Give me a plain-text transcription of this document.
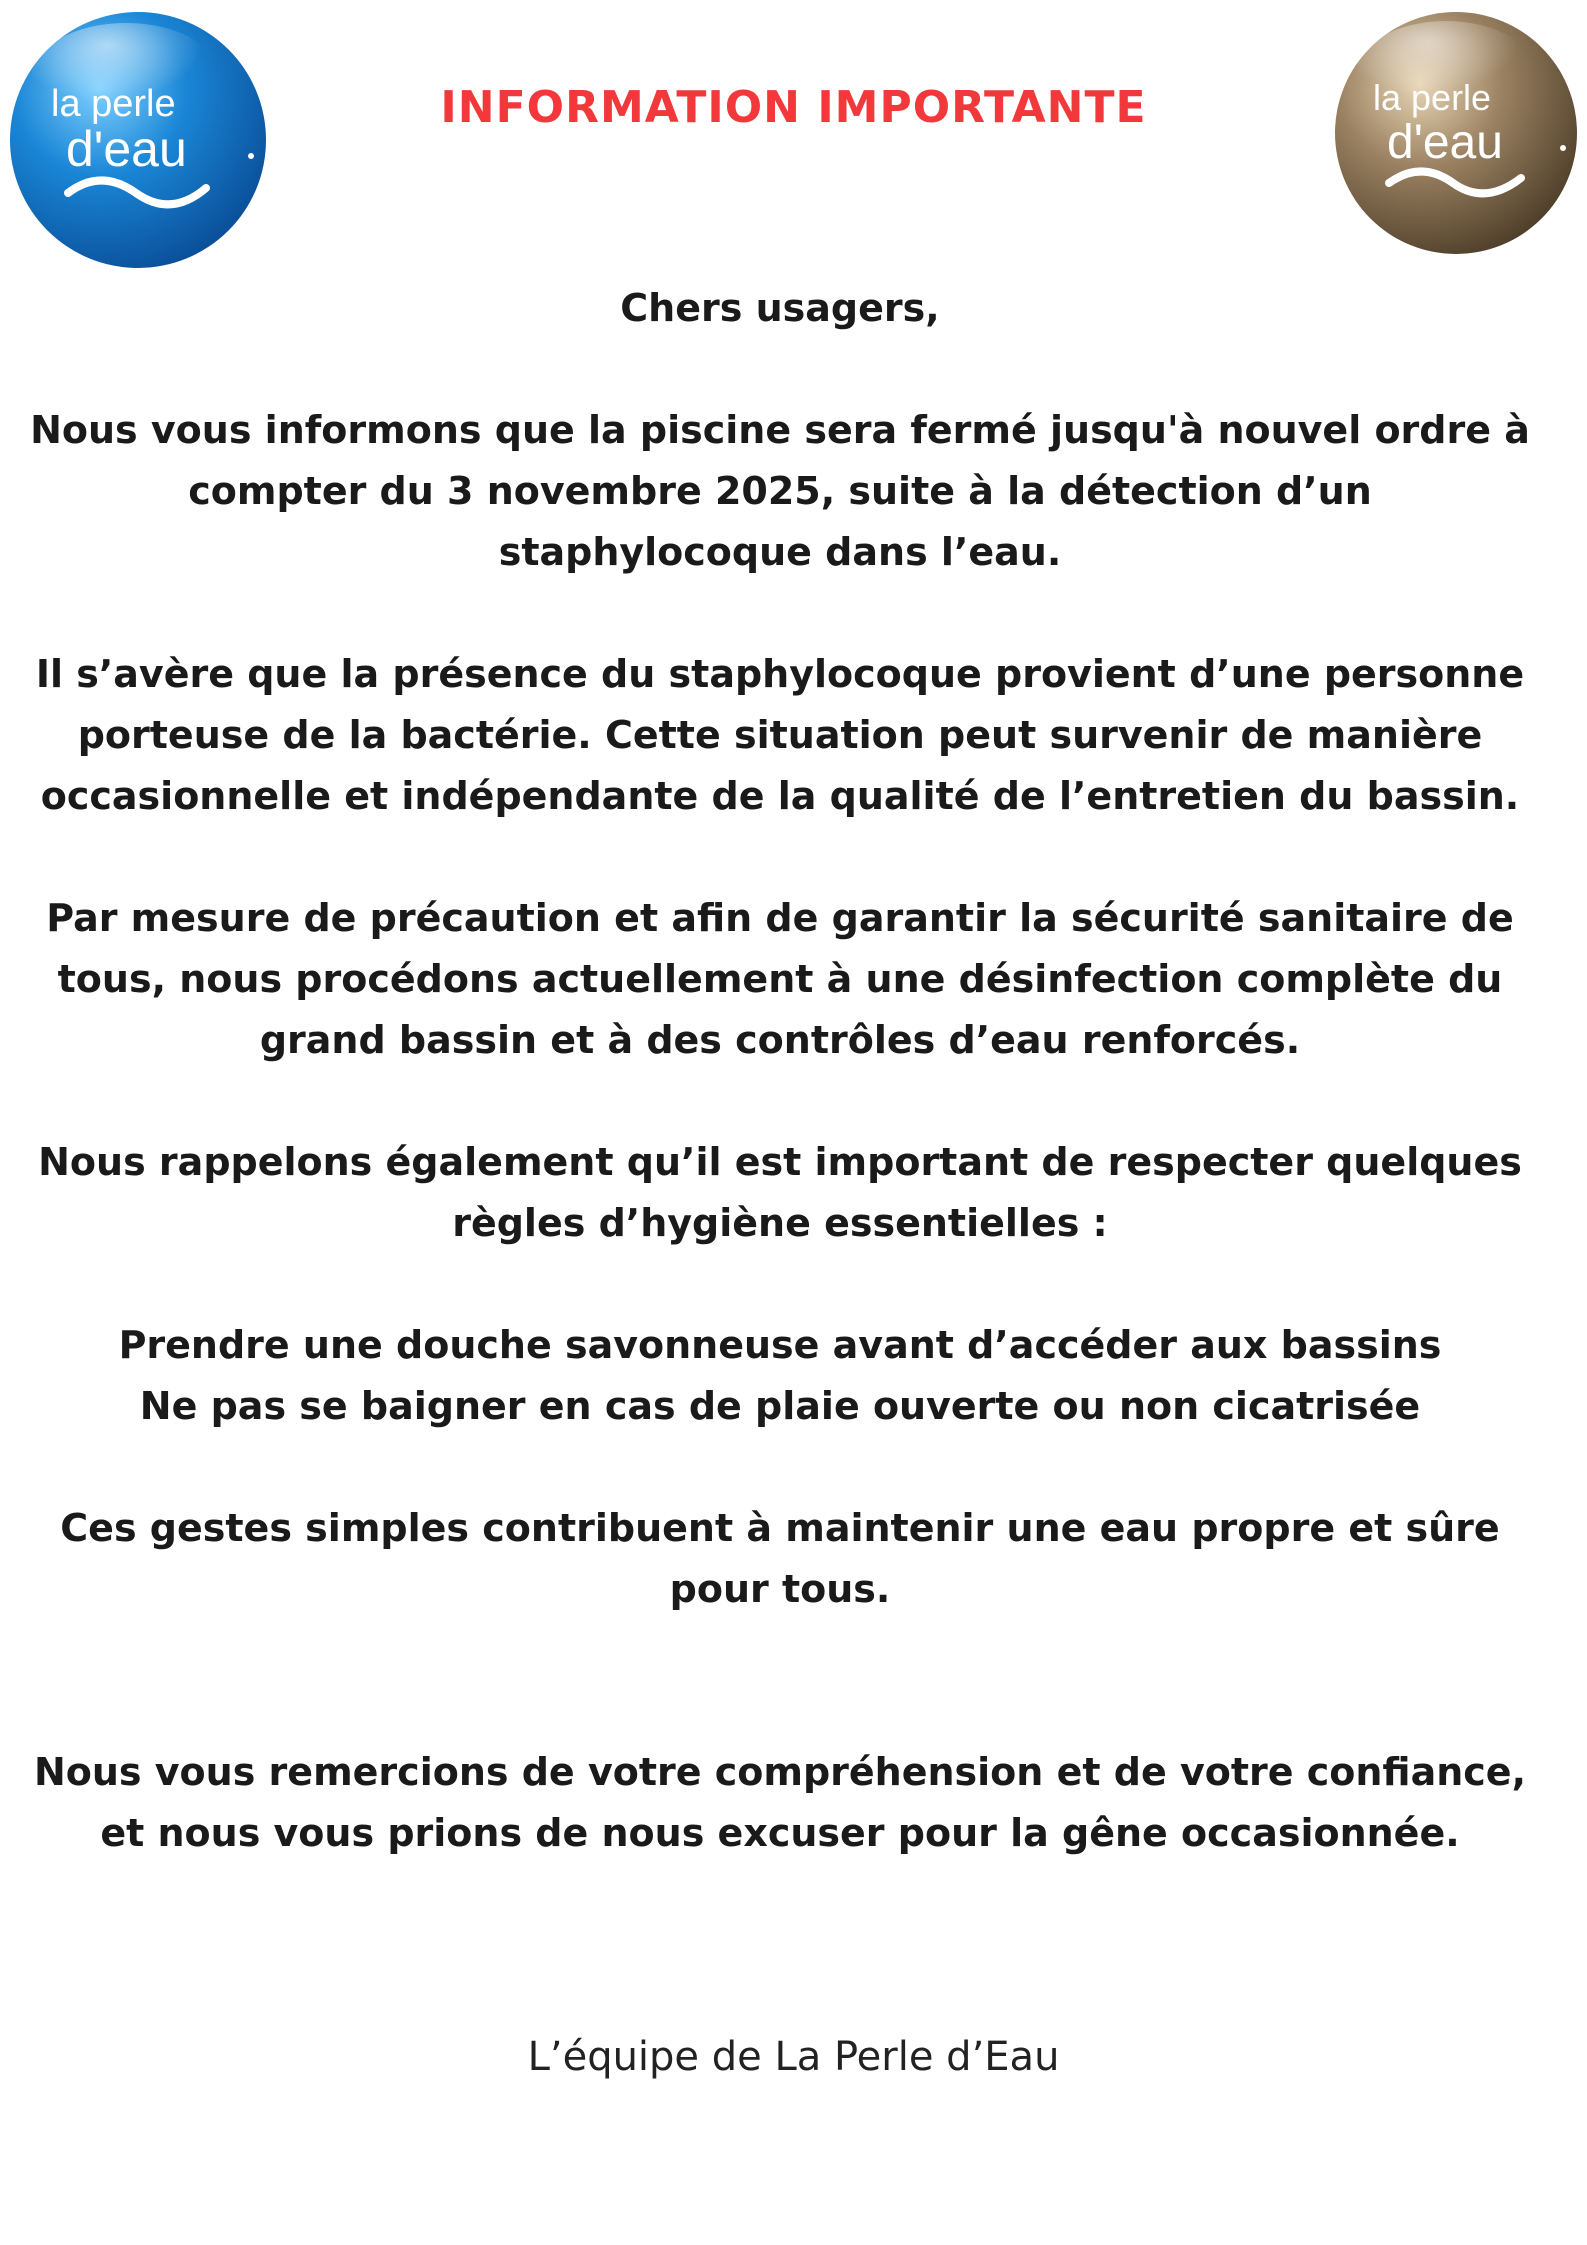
la perle
d'eau
INFORMATION IMPORTANTE	la perle
d'eau

Chers usagers,

Nous vous informons que la piscine sera fermé jusqu'à nouvel ordre à compter du 3 novembre 2025, suite à la détection d’un staphylocoque dans l’eau.

Il s’avère que la présence du staphylocoque provient d’une personne porteuse de la bactérie. Cette situation peut survenir de manière occasionnelle et indépendante de la qualité de l’entretien du bassin.

Par mesure de précaution et afin de garantir la sécurité sanitaire de tous, nous procédons actuellement à une désinfection complète du grand bassin et à des contrôles d’eau renforcés.

Nous rappelons également qu’il est important de respecter quelques règles d’hygiène essentielles :

Prendre une douche savonneuse avant d’accéder aux bassins

Ne pas se baigner en cas de plaie ouverte ou non cicatrisée

Ces gestes simples contribuent à maintenir une eau propre et sûre pour tous.

Nous vous remercions de votre compréhension et de votre confiance,

et nous vous prions de nous excuser pour la gêne occasionnée.

L’équipe de La Perle d’Eau
